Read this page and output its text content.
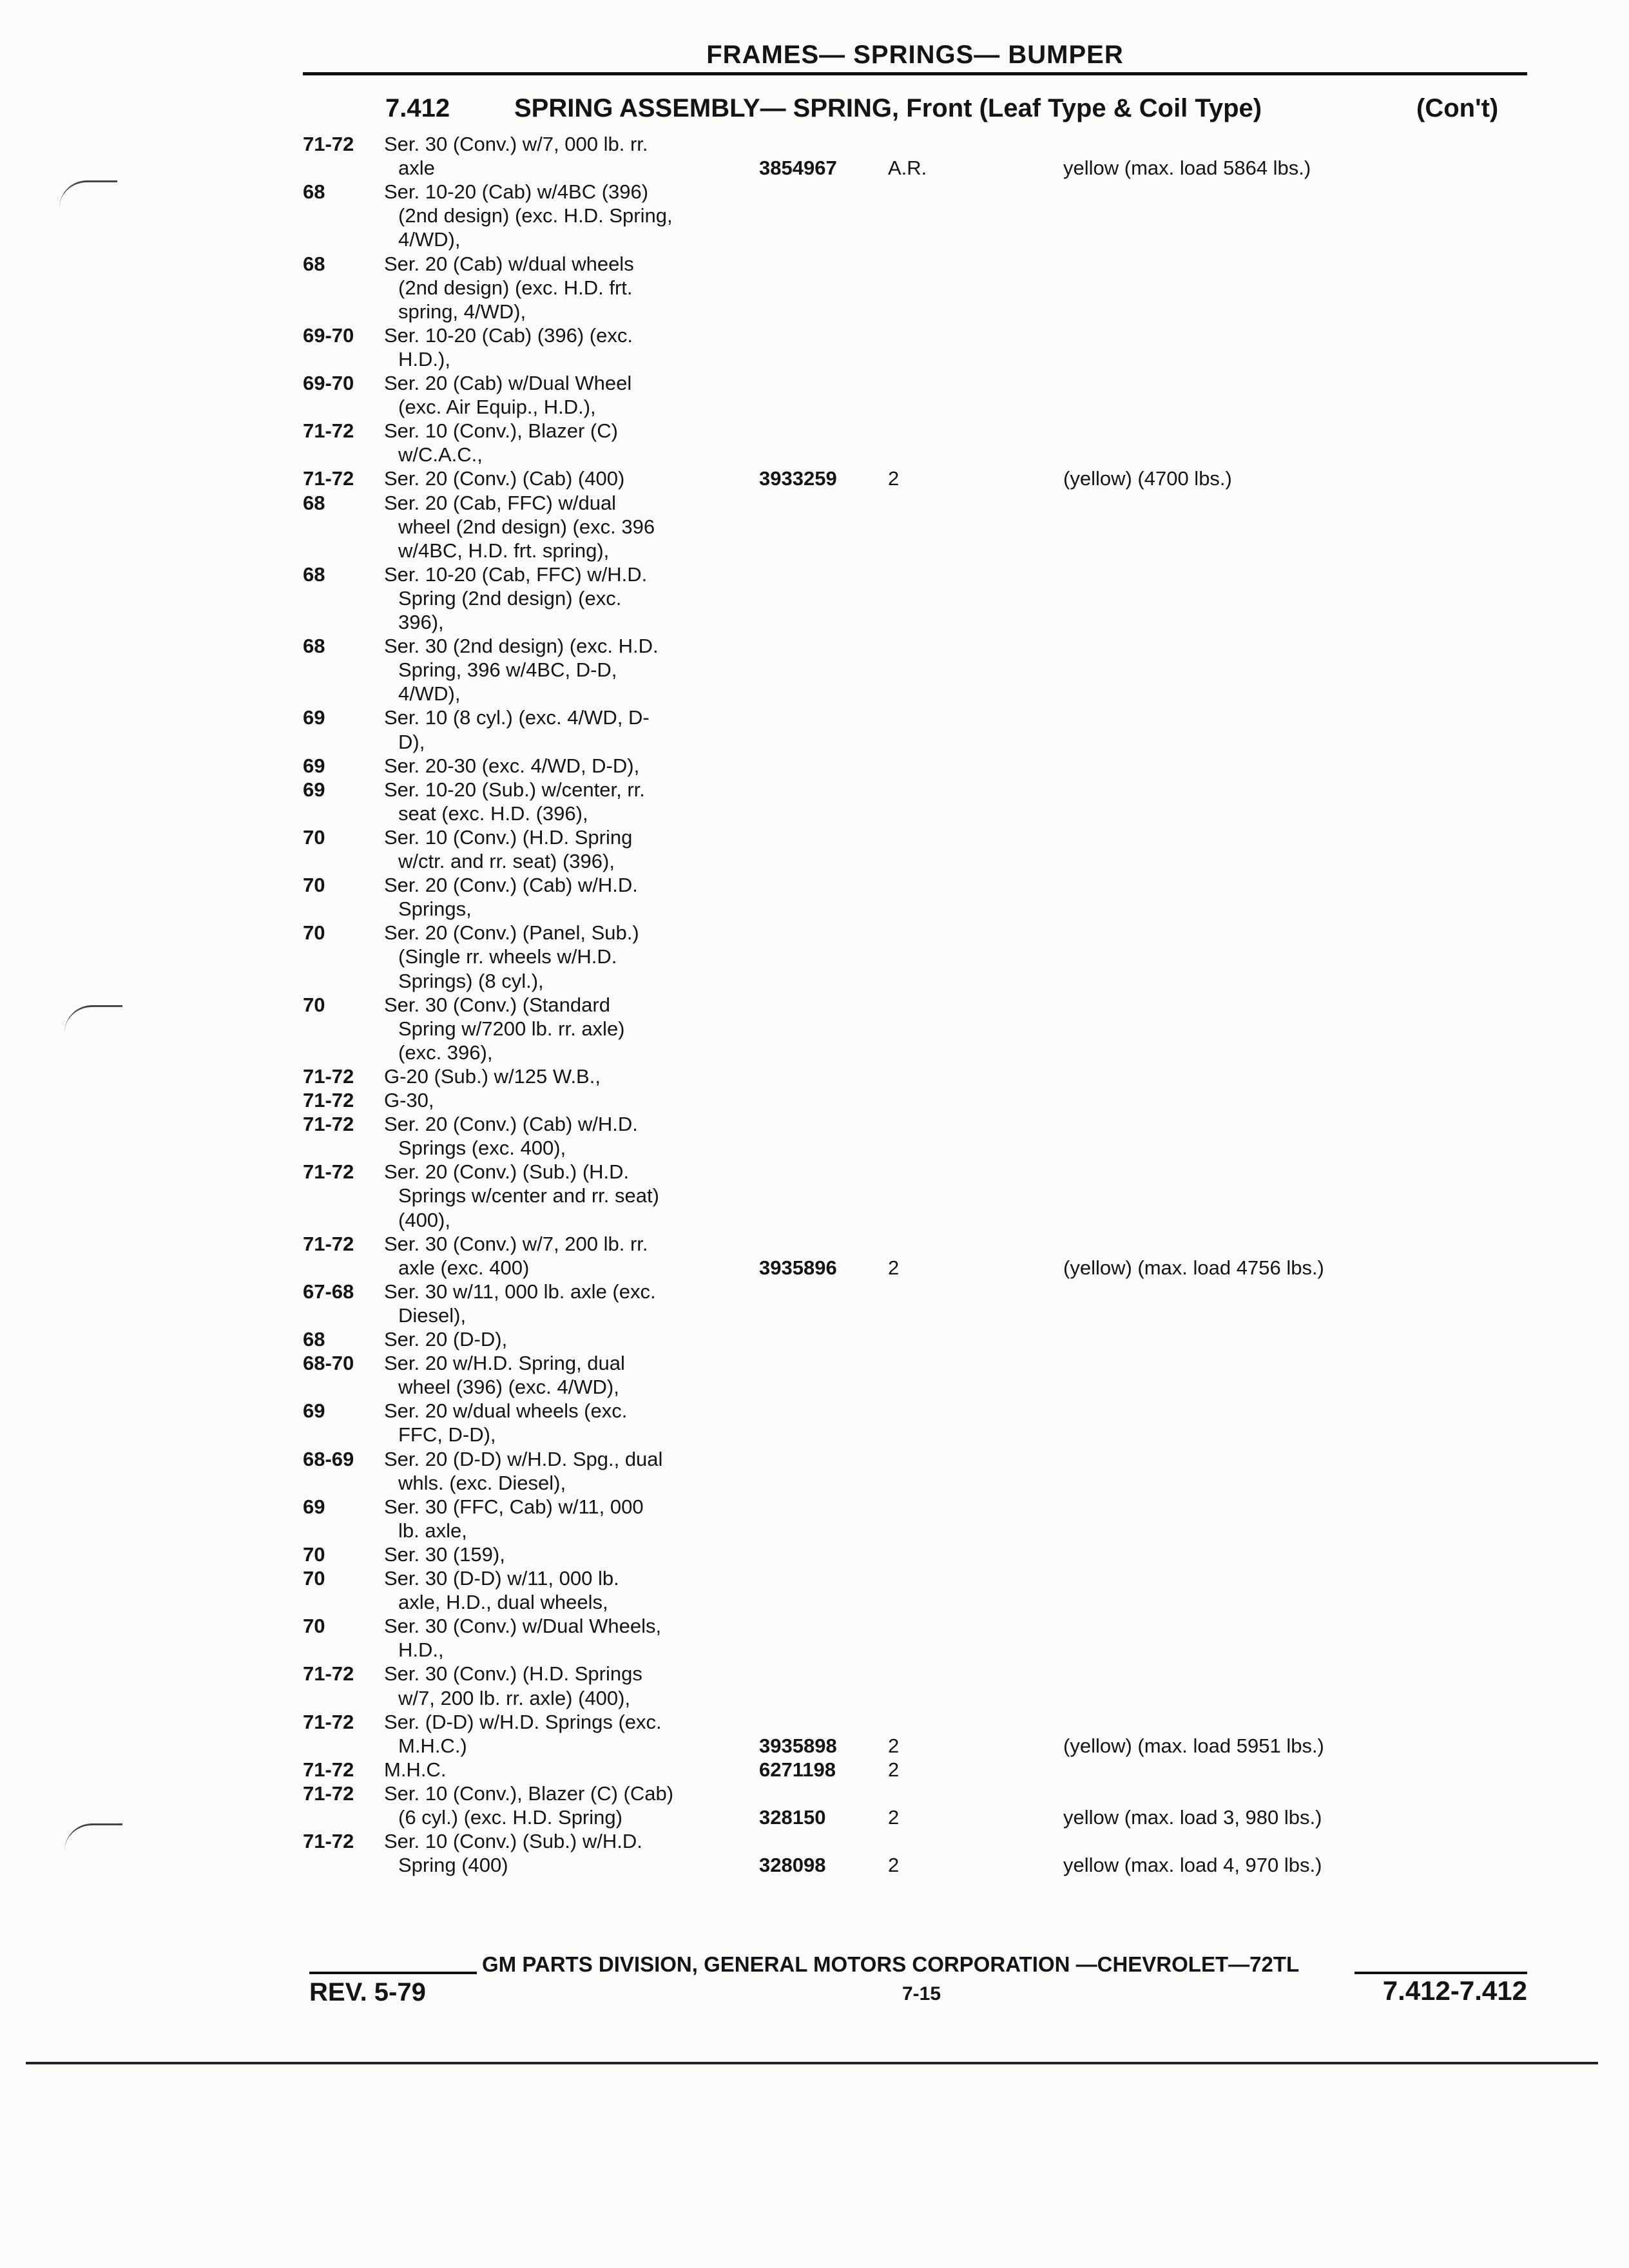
FRAMES— SPRINGS— BUMPER
7.412 SPRING ASSEMBLY— SPRING, Front (Leaf Type & Coil Type)	(Con't)
71-72 Ser. 30 (Conv.) w/7, 000 lb. rr.
axle	3854967	A.R.	yellow (max. load 5864 lbs.)
68	Ser. 10-20 (Cab) w/4BC (396)
(2nd design) (exc. H.D. Spring,
4/WD),
68	Ser. 20 (Cab) w/dual wheels
(2nd design) (exc. H.D. frt.
spring, 4/WD),
69-70 Ser. 10-20 (Cab) (396) (exc.
H.D.),
69-70 Ser. 20 (Cab) w/Dual Wheel
(exc. Air Equip., H.D.),
71-72 Ser. 10 (Conv.), Blazer (C)
w/C.A.C.,
71-72 Ser. 20 (Conv.) (Cab) (400)	3933259	2	(yellow) (4700 lbs.)
68	Ser. 20 (Cab, FFC) w/dual
wheel (2nd design) (exc. 396
w/4BC, H.D. frt. spring),
68	Ser. 10-20 (Cab, FFC) w/H.D.
Spring (2nd design) (exc.
396),
68	Ser. 30 (2nd design) (exc. H.D.
Spring, 396 w/4BC, D-D,
4/WD),
69	Ser. 10 (8 cyl.) (exc. 4/WD, D-
D),
69	Ser. 20-30 (exc. 4/WD, D-D),
69	Ser. 10-20 (Sub.) w/center, rr.
seat (exc. H.D. (396),
70	Ser. 10 (Conv.) (H.D. Spring
w/ctr. and rr. seat) (396),
70	Ser. 20 (Conv.) (Cab) w/H.D.
Springs,
70	Ser. 20 (Conv.) (Panel, Sub.)
(Single rr. wheels w/H.D.
Springs) (8 cyl.),
70	Ser. 30 (Conv.) (Standard
Spring w/7200 lb. rr. axle)
(exc. 396),
71-72 G-20 (Sub.) w/125 W.B.,
71-72 G-30,
71-72 Ser. 20 (Conv.) (Cab) w/H.D.
Springs (exc. 400),
71-72 Ser. 20 (Conv.) (Sub.) (H.D.
Springs w/center and rr. seat)
(400),
71-72 Ser. 30 (Conv.) w/7, 200 lb. rr.
axle (exc. 400)	3935896	2	(yellow) (max. load 4756 lbs.)
67-68 Ser. 30 w/11, 000 lb. axle (exc.
Diesel),
68	Ser. 20 (D-D),
68-70 Ser. 20 w/H.D. Spring, dual
wheel (396) (exc. 4/WD),
69	Ser. 20 w/dual wheels (exc.
FFC, D-D),
68-69 Ser. 20 (D-D) w/H.D. Spg., dual
whls. (exc. Diesel),
69	Ser. 30 (FFC, Cab) w/11, 000
lb. axle,
70	Ser. 30 (159),
70	Ser. 30 (D-D) w/11, 000 lb.
axle, H.D., dual wheels,
70	Ser. 30 (Conv.) w/Dual Wheels,
H.D.,
71-72 Ser. 30 (Conv.) (H.D. Springs
w/7, 200 lb. rr. axle) (400),
71-72 Ser. (D-D) w/H.D. Springs (exc.
M.H.C.)	3935898	2	(yellow) (max. load 5951 lbs.)
71-72 M.H.C.	6271198	2
71-72 Ser. 10 (Conv.), Blazer (C) (Cab)
(6 cyl.) (exc. H.D. Spring)	328150	2	yellow (max. load 3, 980 lbs.)
71-72 Ser. 10 (Conv.) (Sub.) w/H.D.
Spring (400)	328098	2	yellow (max. load 4, 970 lbs.)
GM PARTS DIVISION, GENERAL MOTORS CORPORATION —CHEVROLET—72TL
REV. 5-79	7-15	7.412-7.412
